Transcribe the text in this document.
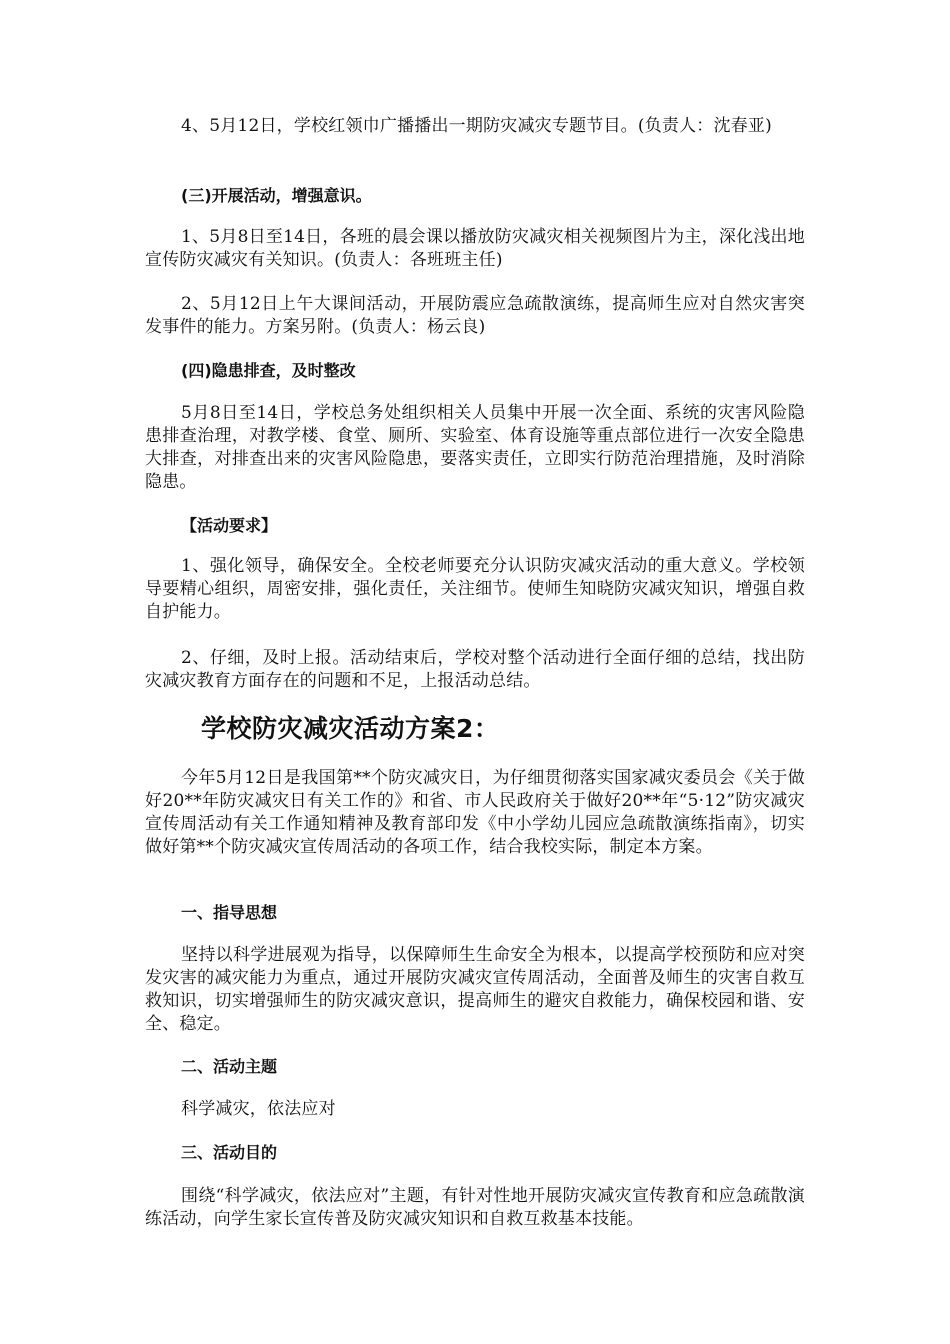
4、5月12日，学校红领巾广播播出一期防灾减灾专题节目。(负责人：沈春亚)

(三)开展活动，增强意识。

1、5月8日至14日，各班的晨会课以播放防灾减灾相关视频图片为主，深化浅出地宣传防灾减灾有关知识。(负责人：各班班主任)

2、5月12日上午大课间活动，开展防震应急疏散演练，提高师生应对自然灾害突发事件的能力。方案另附。(负责人：杨云良)

(四)隐患排查，及时整改

5月8日至14日，学校总务处组织相关人员集中开展一次全面、系统的灾害风险隐患排查治理，对教学楼、食堂、厕所、实验室、体育设施等重点部位进行一次安全隐患大排查，对排查出来的灾害风险隐患，要落实责任，立即实行防范治理措施，及时消除隐患。

【活动要求】

1、强化领导，确保安全。全校老师要充分认识防灾减灾活动的重大意义。学校领导要精心组织，周密安排，强化责任，关注细节。使师生知晓防灾减灾知识，增强自救自护能力。

2、仔细，及时上报。活动结束后，学校对整个活动进行全面仔细的总结，找出防灾减灾教育方面存在的问题和不足，上报活动总结。

学校防灾减灾活动方案2：

今年5月12日是我国第**个防灾减灾日，为仔细贯彻落实国家减灾委员会《关于做好20**年防灾减灾日有关工作的》和省、市人民政府关于做好20**年“5·12”防灾减灾宣传周活动有关工作通知精神及教育部印发《中小学幼儿园应急疏散演练指南》，切实做好第**个防灾减灾宣传周活动的各项工作，结合我校实际，制定本方案。

一、指导思想

坚持以科学进展观为指导，以保障师生生命安全为根本，以提高学校预防和应对突发灾害的减灾能力为重点，通过开展防灾减灾宣传周活动，全面普及师生的灾害自救互救知识，切实增强师生的防灾减灾意识，提高师生的避灾自救能力，确保校园和谐、安全、稳定。

二、活动主题

科学减灾，依法应对

三、活动目的

围绕“科学减灾，依法应对”主题，有针对性地开展防灾减灾宣传教育和应急疏散演练活动，向学生家长宣传普及防灾减灾知识和自救互救基本技能。
